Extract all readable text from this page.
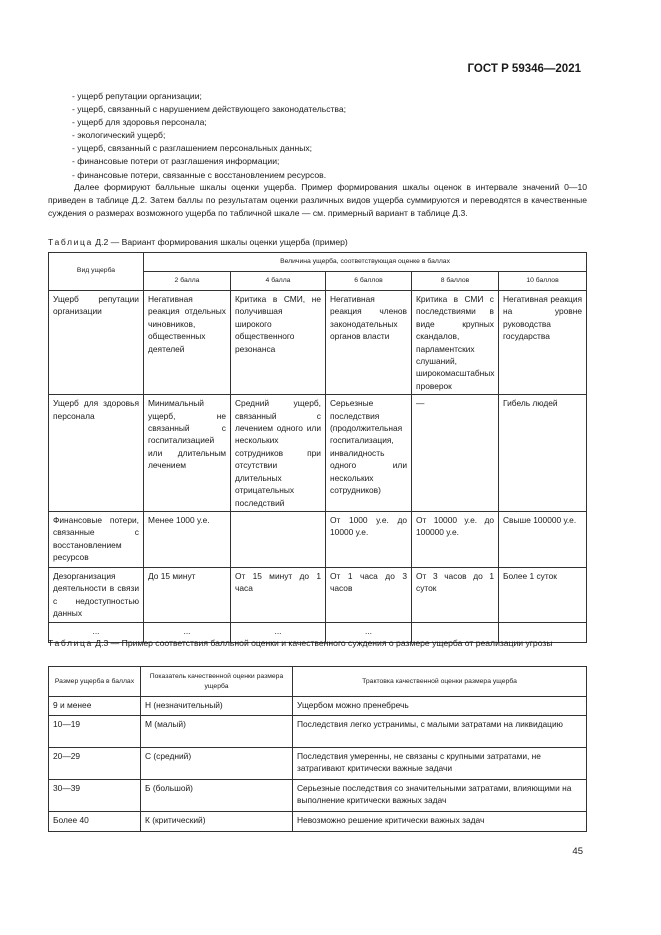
ГОСТ Р 59346—2021
- ущерб репутации организации;
- ущерб, связанный с нарушением действующего законодательства;
- ущерб для здоровья персонала;
- экологический ущерб;
- ущерб, связанный с разглашением персональных данных;
- финансовые потери от разглашения информации;
- финансовые потери, связанные с восстановлением ресурсов.
Далее формируют балльные шкалы оценки ущерба. Пример формирования шкалы оценок в интервале значений 0—10 приведен в таблице Д.2. Затем баллы по результатам оценки различных видов ущерба суммируются и переводятся в качественные суждения о размерах возможного ущерба по табличной шкале — см. примерный вариант в таблице Д.3.
Таблица Д.2 — Вариант формирования шкалы оценки ущерба (пример)
Вид ущерба	Величина ущерба, соответствующая оценке в баллах				
	2 балла	4 балла	6 баллов	8 баллов	10 баллов
Ущерб репутации организации	Негативная реакция отдельных чиновников, общественных деятелей	Критика в СМИ, не получившая широкого общественного резонанса	Негативная реакция членов законодательных органов власти	Критика в СМИ с последствиями в виде крупных скандалов, парламентских слушаний, широкомасштабных проверок	Негативная реакция на уровне руководства государства
Ущерб для здоровья персонала	Минимальный ущерб, не связанный с госпитализацией или длительным лечением	Средний ущерб, связанный с лечением одного или нескольких сотрудников при отсутствии длительных отрицательных последствий	Серьезные последствия (продолжительная госпитализация, инвалидность одного или нескольких сотрудников)	—	Гибель людей
Финансовые потери, связанные с восстановлением ресурсов	Менее 1000 у.е.		От 1000 у.е. до 10000 у.е.	От 10000 у.е. до 100000 у.е.	Свыше 100000 у.е.
Дезорганизация деятельности в связи с недоступностью данных	До 15 минут	От 15 минут до 1 часа	От 1 часа до 3 часов	От 3 часов до 1 суток	Более 1 суток
...	...	...	...		
Таблица Д.3 — Пример соответствия балльной оценки и качественного суждения о размере ущерба от реализации угрозы
Размер ущерба в баллах	Показатель качественной оценки размера ущерба	Трактовка качественной оценки размера ущерба
9 и менее	Н (незначительный)	Ущербом можно пренебречь
10—19	М (малый)	Последствия легко устранимы, с малыми затратами на ликвидацию
20—29	С (средний)	Последствия умеренны, не связаны с крупными затратами, не затрагивают критически важные задачи
30—39	Б (большой)	Серьезные последствия со значительными затратами, влияющими на выполнение критически важных задач
Более 40	К (критический)	Невозможно решение критически важных задач
45
